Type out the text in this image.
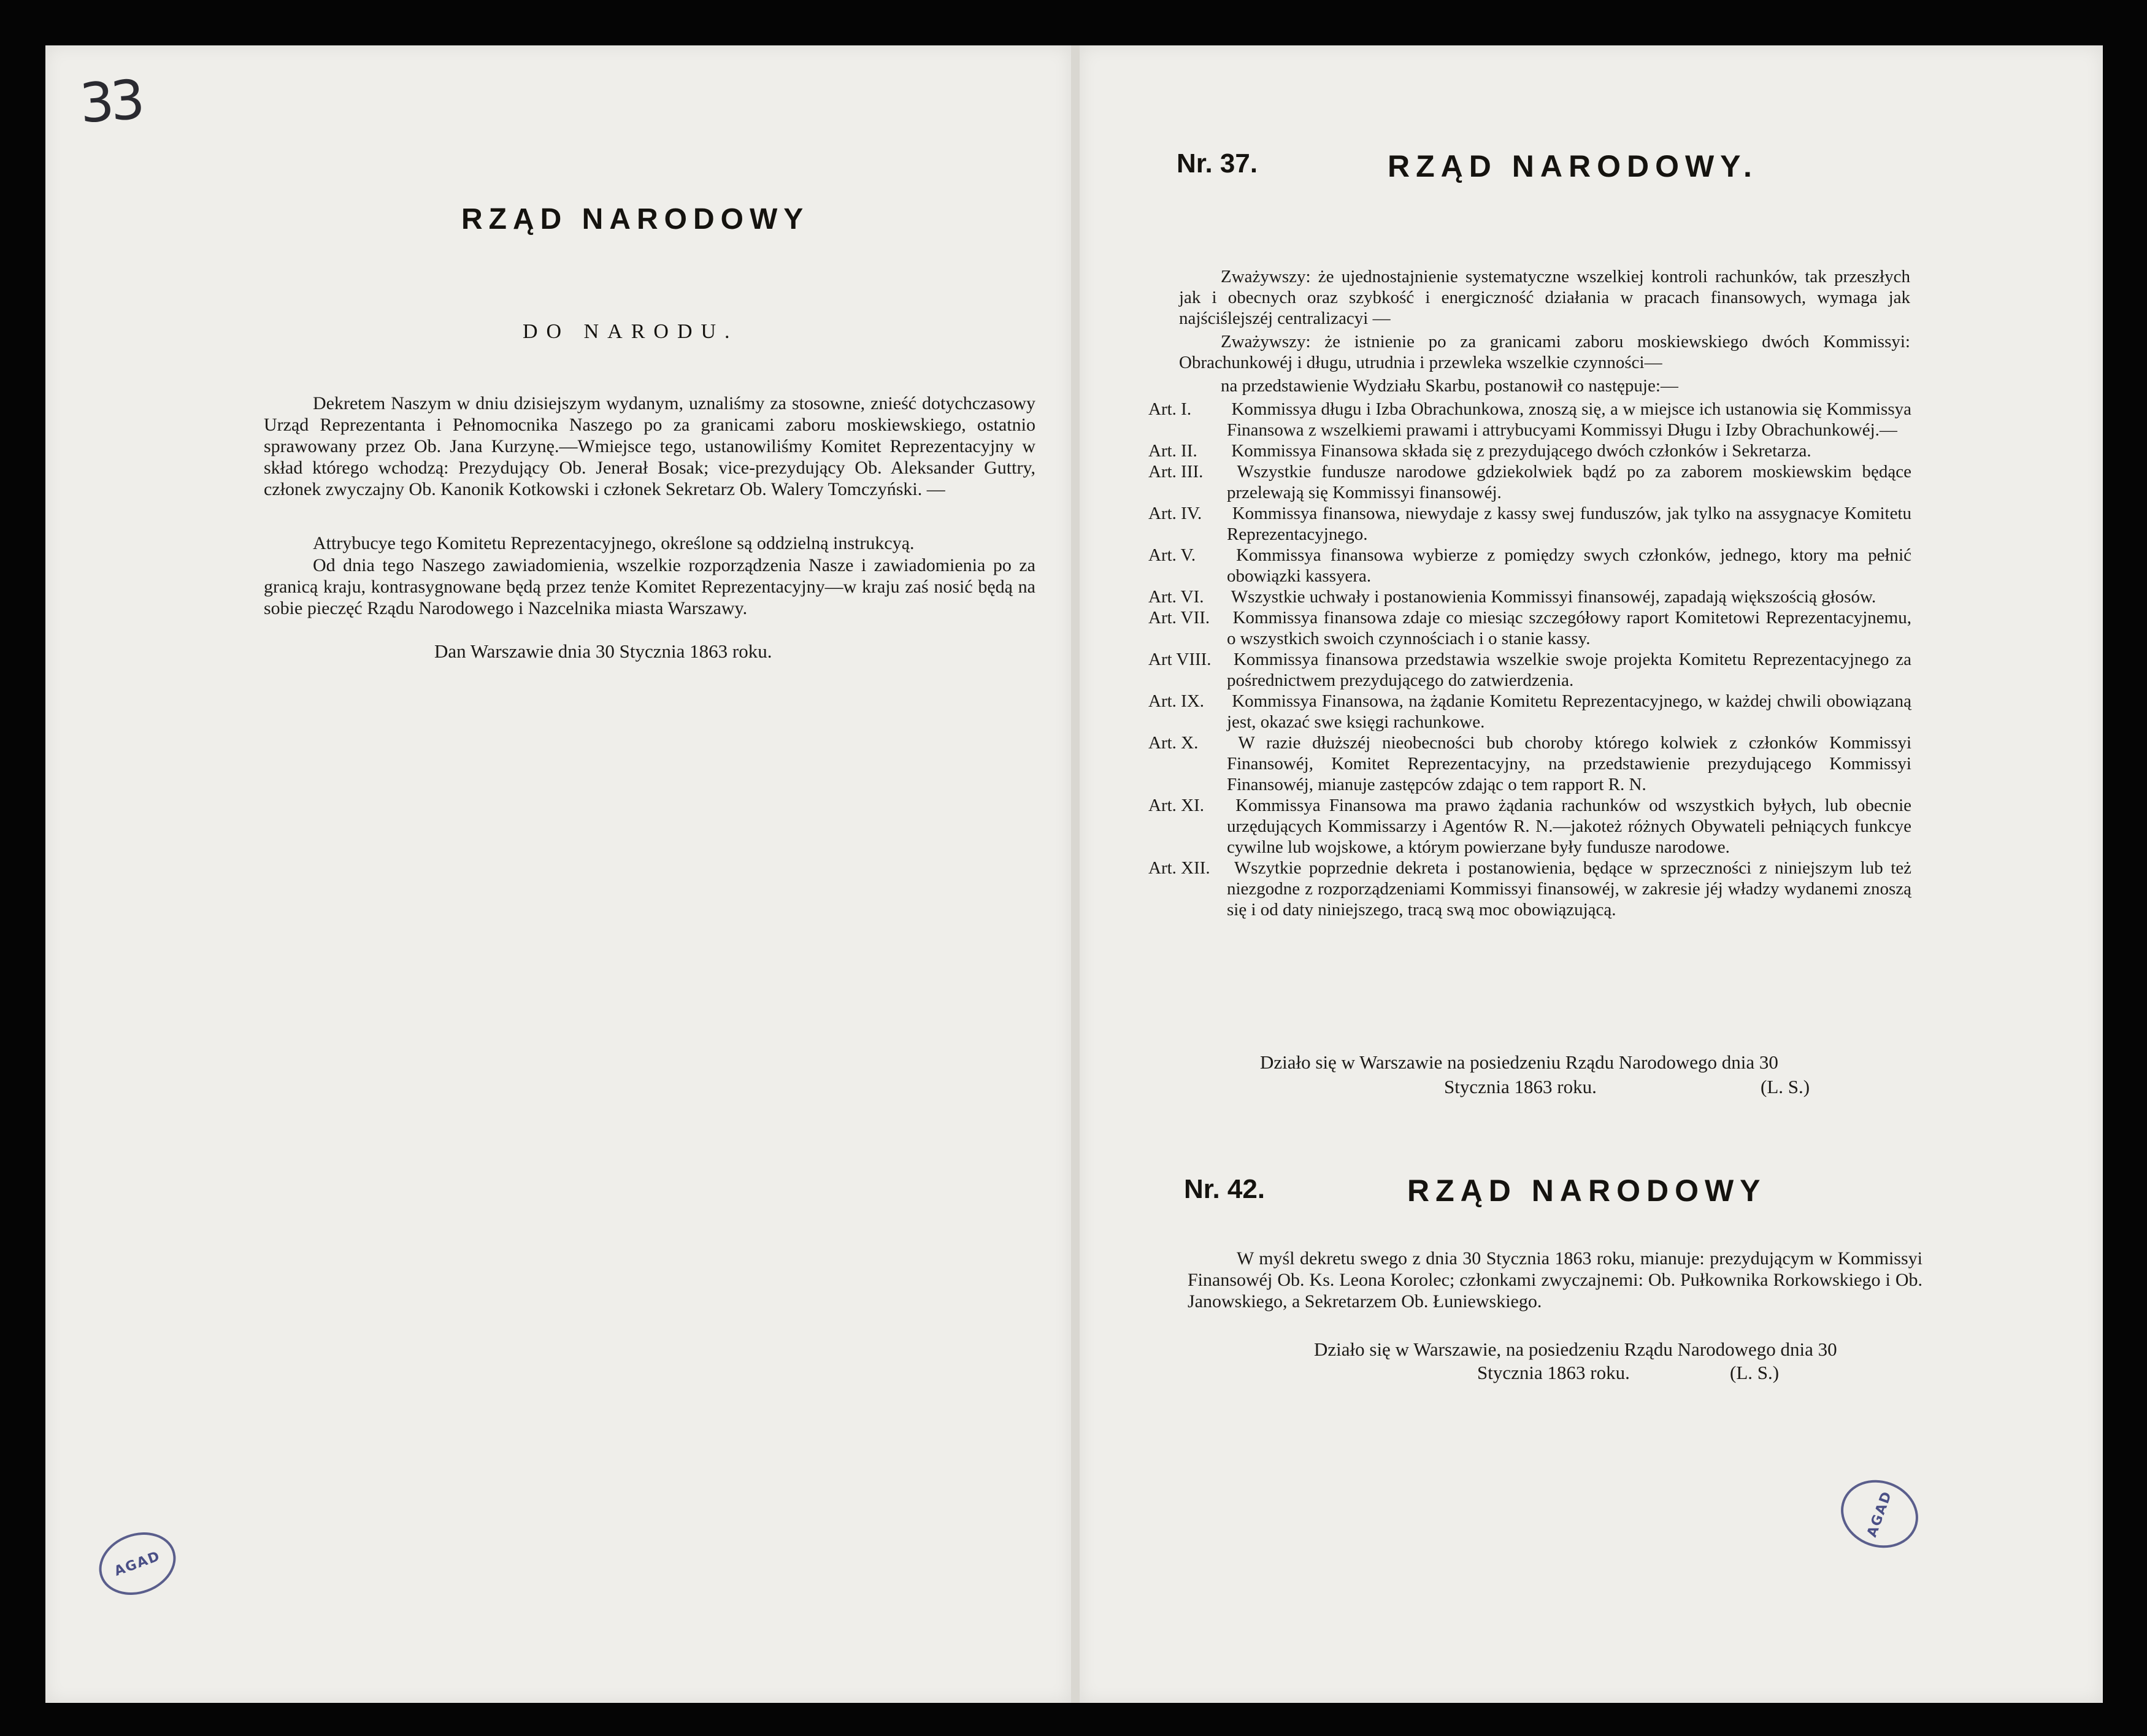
33
RZĄD NARODOWY
DO NARODU.
Dekretem Naszym w dniu dzisiejszym wydanym, uznaliśmy za stosowne, znieść dotychczasowy Urząd Reprezentanta i Pełnomocnika Naszego po za granicami zaboru moskiewskiego, ostatnio sprawowany przez Ob. Jana Kurzynę.—Wmiejsce tego, ustanowiliśmy Komitet Reprezentacyjny w skład którego wchodzą: Prezydujący Ob. Jenerał Bosak; vice-prezydujący Ob. Aleksander Guttry, członek zwyczajny Ob. Kanonik Kotkowski i członek Sekretarz Ob. Walery Tomczyński. —
Attrybucye tego Komitetu Reprezentacyjnego, określone są oddzielną instrukcyą.
Od dnia tego Naszego zawiadomienia, wszelkie rozporządzenia Nasze i zawiadomienia po za granicą kraju, kontrasygnowane będą przez tenże Komitet Reprezentacyjny—w kraju zaś nosić będą na sobie pieczęć Rządu Narodowego i Nazcelnika miasta Warszawy.
Dan Warszawie dnia 30 Stycznia 1863 roku.
AGAD
Nr. 37.	RZĄD NARODOWY.
Zważywszy: że ujednostajnienie systematyczne wszelkiej kontroli rachunków, tak przeszłych jak i obecnych oraz szybkość i energiczność działania w pracach finansowych, wymaga jak najściślejszéj centralizacyi —
Zważywszy: że istnienie po za granicami zaboru moskiewskiego dwóch Kommissyi: Obrachunkowéj i długu, utrudnia i przewleka wszelkie czynności—
na przedstawienie Wydziału Skarbu, postanowił co następuje:—
Art. I. Kommissya długu i Izba Obrachunkowa, znoszą się, a w miejsce ich ustanowia się Kommissya Finansowa z wszelkiemi prawami i attrybucyami Kommissyi Długu i Izby Obrachunkowéj.—
Art. II. Kommissya Finansowa składa się z prezydującego dwóch członków i Sekretarza.
Art. III. Wszystkie fundusze narodowe gdziekolwiek bądź po za zaborem moskiewskim będące przelewają się Kommissyi finansowéj.
Art. IV. Kommissya finansowa, niewydaje z kassy swej funduszów, jak tylko na assygnacye Komitetu Reprezentacyjnego.
Art. V. Kommissya finansowa wybierze z pomiędzy swych członków, jednego, ktory ma pełnić obowiązki kassyera.
Art. VI. Wszystkie uchwały i postanowienia Kommissyi finansowéj, zapadają większością głosów.
Art. VII. Kommissya finansowa zdaje co miesiąc szczegółowy raport Komitetowi Reprezentacyjnemu, o wszystkich swoich czynnościach i o stanie kassy.
Art VIII. Kommissya finansowa przedstawia wszelkie swoje projekta Komitetu Reprezentacyjnego za pośrednictwem prezydującego do zatwierdzenia.
Art. IX. Kommissya Finansowa, na żądanie Komitetu Reprezentacyjnego, w każdej chwili obowiązaną jest, okazać swe księgi rachunkowe.
Art. X. W razie dłuższéj nieobecności bub choroby którego kolwiek z członków Kommissyi Finansowéj, Komitet Reprezentacyjny, na przedstawienie prezydującego Kommissyi Finansowéj, mianuje zastępców zdając o tem rapport R. N.
Art. XI. Kommissya Finansowa ma prawo żądania rachunków od wszystkich byłych, lub obecnie urzędujących Kommissarzy i Agentów R. N.—jakoteż różnych Obywateli pełniących funkcye cywilne lub wojskowe, a którym powierzane były fundusze narodowe.
Art. XII. Wszytkie poprzednie dekreta i postanowienia, będące w sprzeczności z niniejszym lub też niezgodne z rozporządzeniami Kommissyi finansowéj, w zakresie jéj władzy wydanemi znoszą się i od daty niniejszego, tracą swą moc obowiązującą.
Działo się w Warszawie na posiedzeniu Rządu Narodowego dnia 30
Stycznia 1863 roku.	(L. S.)
Nr. 42.	RZĄD NARODOWY
W myśl dekretu swego z dnia 30 Stycznia 1863 roku, mianuje: prezydującym w Kommissyi Finansowéj Ob. Ks. Leona Korolec; członkami zwyczajnemi: Ob. Pułkownika Rorkowskiego i Ob. Janowskiego, a Sekretarzem Ob. Łuniewskiego.
Działo się w Warszawie, na posiedzeniu Rządu Narodowego dnia 30
Stycznia 1863 roku.	(L. S.)
AGAD
